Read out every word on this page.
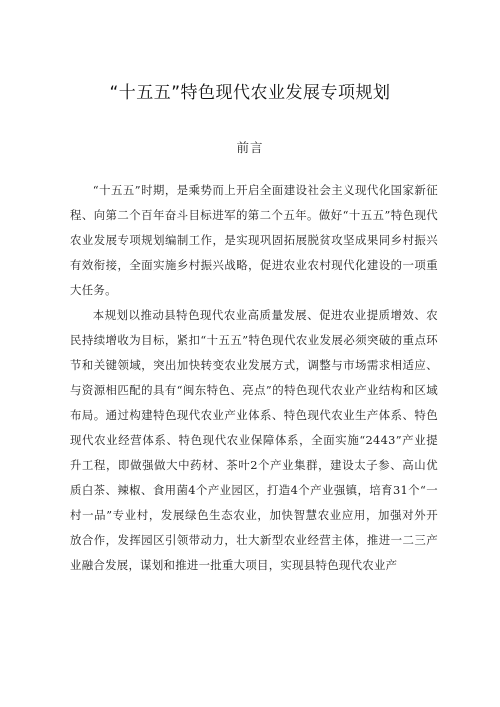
“十五五”特色现代农业发展专项规划
前言

“十五五”时期，是乘势而上开启全面建设社会主义现代化国家新征程、向第二个百年奋斗目标进军的第二个五年。做好“十五五”特色现代农业发展专项规划编制工作，是实现巩固拓展脱贫攻坚成果同乡村振兴有效衔接，全面实施乡村振兴战略，促进农业农村现代化建设的一项重大任务。

本规划以推动县特色现代农业高质量发展、促进农业提质增效、农民持续增收为目标，紧扣“十五五”特色现代农业发展必须突破的重点环节和关键领域，突出加快转变农业发展方式，调整与市场需求相适应、与资源相匹配的具有“闽东特色、亮点”的特色现代农业产业结构和区域布局。通过构建特色现代农业产业体系、特色现代农业生产体系、特色现代农业经营体系、特色现代农业保障体系，全面实施“2443”产业提升工程，即做强做大中药材、茶叶2个产业集群，建设太子参、高山优质白茶、辣椒、食用菌4个产业园区，打造4个产业强镇，培育31个“一村一品”专业村，发展绿色生态农业，加快智慧农业应用，加强对外开放合作，发挥园区引领带动力，壮大新型农业经营主体，推进一二三产业融合发展，谋划和推进一批重大项目，实现县特色现代农业产
